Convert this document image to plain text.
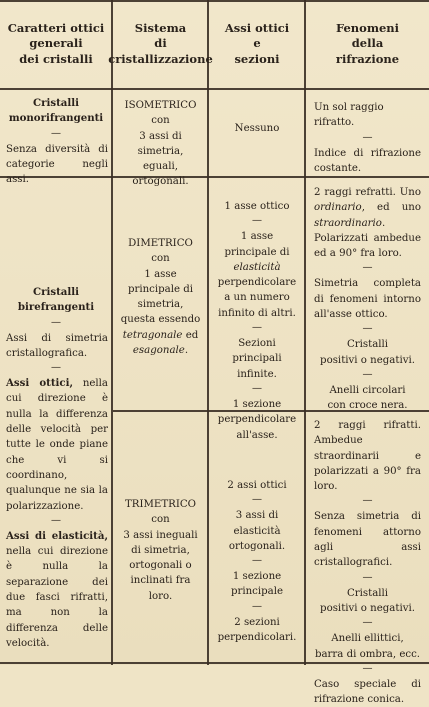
Caratteri ottici
generali
dei cristalli
Sistema
di
cristallizzazione
Assi ottici
e
sezioni
Fenomeni
della
rifrazione
Cristalli
monorifrangenti
—
Senza diversità di categorie negli assi.
ISOMETRICO
con
3 assi di simetria,
eguali, ortogonali.
Nessuno
Un sol raggio rifratto.
—
Indice di rifrazione costante.
Cristalli
birefrangenti
—
Assi di simetria cristallografica.
—
Assi ottici, nella cui direzione è nulla la differenza delle velocità per tutte le onde piane che vi si coordinano, qualunque ne sia la polarizzazione.
—
Assi di elasticità, nella cui direzione è nulla la separazione dei due fasci rifratti, ma non la differenza delle velocità.
DIMETRICO
con
1 asse principale di simetria, questa essendo tetragonale ed esagonale.
1 asse ottico
—
1 asse principale di elasticità perpendicolare a un numero infinito di altri.
—
Sezioni principali infinite.
—
1 sezione perpendicolare all'asse.
2 raggi refratti. Uno ordinario, ed uno straordinario. Polarizzati ambedue ed a 90° fra loro.
—
Simetria completa di fenomeni intorno all'asse ottico.
—
Cristalli
positivi o negativi.
—
Anelli circolari
con croce nera.
TRIMETRICO
con
3 assi ineguali di simetria, ortogonali o inclinati fra loro.
2 assi ottici
—
3 assi di elasticità ortogonali.
—
1 sezione principale
—
2 sezioni
perpendicolari.
2 raggi rifratti. Ambedue straordinarii e polarizzati a 90° fra loro.
—
Senza simetria di fenomeni attorno agli assi cristallografici.
—
Cristalli
positivi o negativi.
—
Anelli ellittici,
barra di ombra, ecc.
—
Caso speciale di rifrazione conica.
